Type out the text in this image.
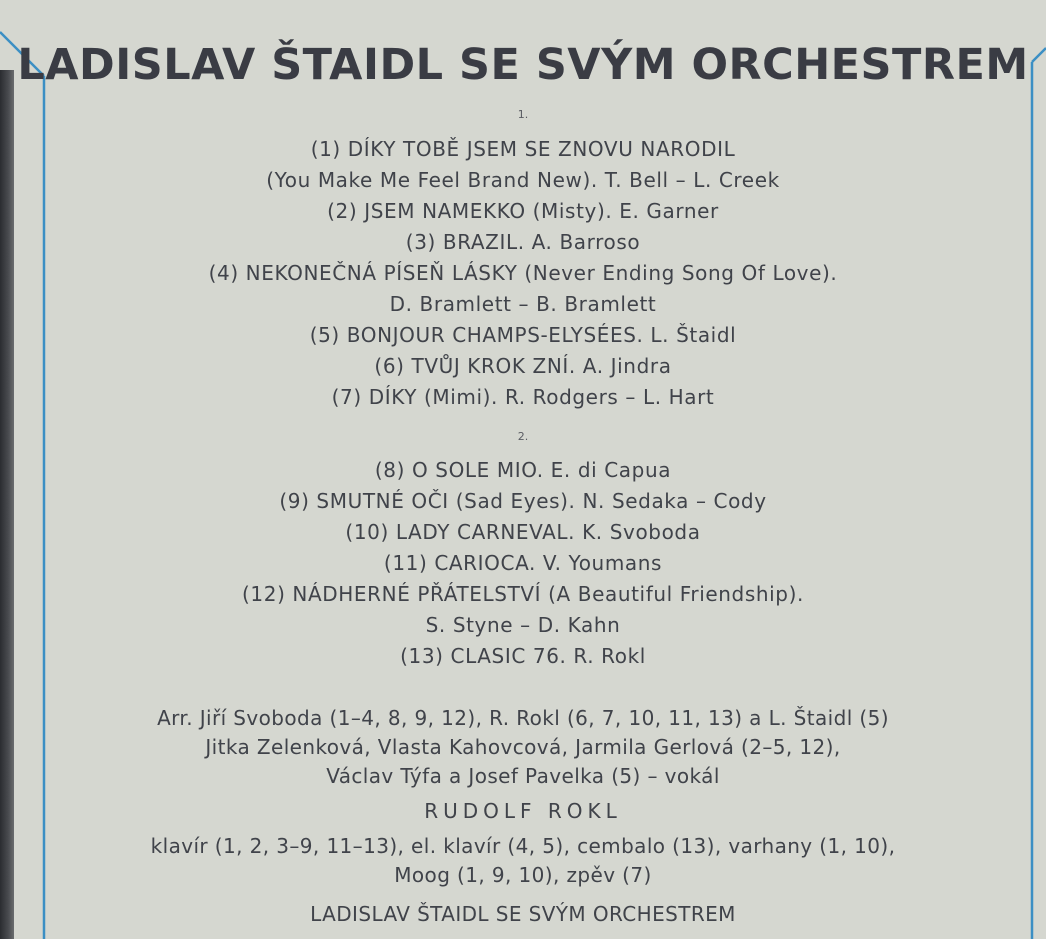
LADISLAV ŠTAIDL SE SVÝM ORCHESTREM
1.
(1) DÍKY TOBĚ JSEM SE ZNOVU NARODIL
(You Make Me Feel Brand New). T. Bell – L. Creek
(2) JSEM NAMEKKO (Misty). E. Garner
(3) BRAZIL. A. Barroso
(4) NEKONEČNÁ PÍSEŇ LÁSKY (Never Ending Song Of Love).
D. Bramlett – B. Bramlett
(5) BONJOUR CHAMPS-ELYSÉES. L. Štaidl
(6) TVŮJ KROK ZNÍ. A. Jindra
(7) DÍKY (Mimi). R. Rodgers – L. Hart
2.
(8) O SOLE MIO. E. di Capua
(9) SMUTNÉ OČI (Sad Eyes). N. Sedaka – Cody
(10) LADY CARNEVAL. K. Svoboda
(11) CARIOCA. V. Youmans
(12) NÁDHERNÉ PŘÁTELSTVÍ (A Beautiful Friendship).
S. Styne – D. Kahn
(13) CLASIC 76. R. Rokl
Arr. Jiří Svoboda (1–4, 8, 9, 12), R. Rokl (6, 7, 10, 11, 13) a L. Štaidl (5)
Jitka Zelenková, Vlasta Kahovcová, Jarmila Gerlová (2–5, 12),
Václav Týfa a Josef Pavelka (5) – vokál
RUDOLF ROKL
klavír (1, 2, 3–9, 11–13), el. klavír (4, 5), cembalo (13), varhany (1, 10),
Moog (1, 9, 10), zpěv (7)
LADISLAV ŠTAIDL SE SVÝM ORCHESTREM
